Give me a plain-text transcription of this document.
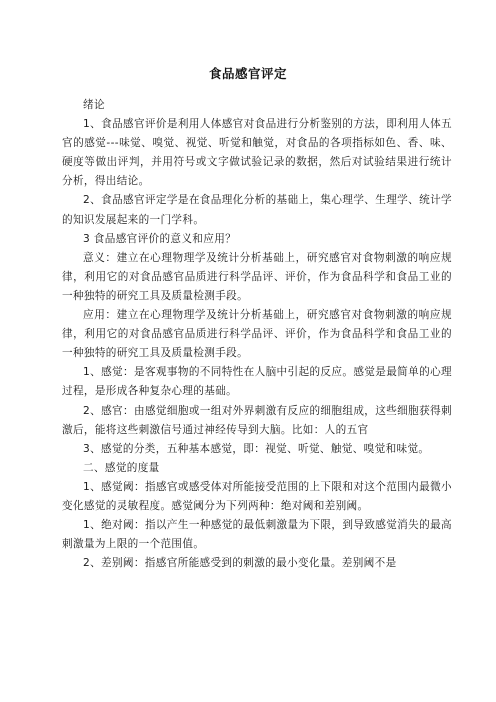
食品感官评定

绪论

1、食品感官评价是利用人体感官对食品进行分析鉴别的方法，即利用人体五官的感觉---味觉、嗅觉、视觉、听觉和触觉，对食品的各项指标如色、香、味、硬度等做出评判，并用符号或文字做试验记录的数据，然后对试验结果进行统计分析，得出结论。

2、食品感官评定学是在食品理化分析的基础上，集心理学、生理学、统计学的知识发展起来的一门学科。

3 食品感官评价的意义和应用？

意义：建立在心理物理学及统计分析基础上，研究感官对食物刺激的响应规律，利用它的对食品感官品质进行科学品评、评价，作为食品科学和食品工业的一种独特的研究工具及质量检测手段。

应用：建立在心理物理学及统计分析基础上，研究感官对食物刺激的响应规律，利用它的对食品感官品质进行科学品评、评价，作为食品科学和食品工业的一种独特的研究工具及质量检测手段。

1、感觉：是客观事物的不同特性在人脑中引起的反应。感觉是最简单的心理过程，是形成各种复杂心理的基础。

2、感官：由感觉细胞或一组对外界刺激有反应的细胞组成，这些细胞获得刺激后，能将这些刺激信号通过神经传导到大脑。比如：人的五官

3、感觉的分类，五种基本感觉，即：视觉、听觉、触觉、嗅觉和味觉。

二、感觉的度量

1、感觉阈：指感官或感受体对所能接受范围的上下限和对这个范围内最微小变化感觉的灵敏程度。感觉阈分为下列两种：绝对阈和差别阈。

1、绝对阈：指以产生一种感觉的最低刺激量为下限，到导致感觉消失的最高刺激量为上限的一个范围值。

2、差别阈：指感官所能感受到的刺激的最小变化量。差别阈不是
